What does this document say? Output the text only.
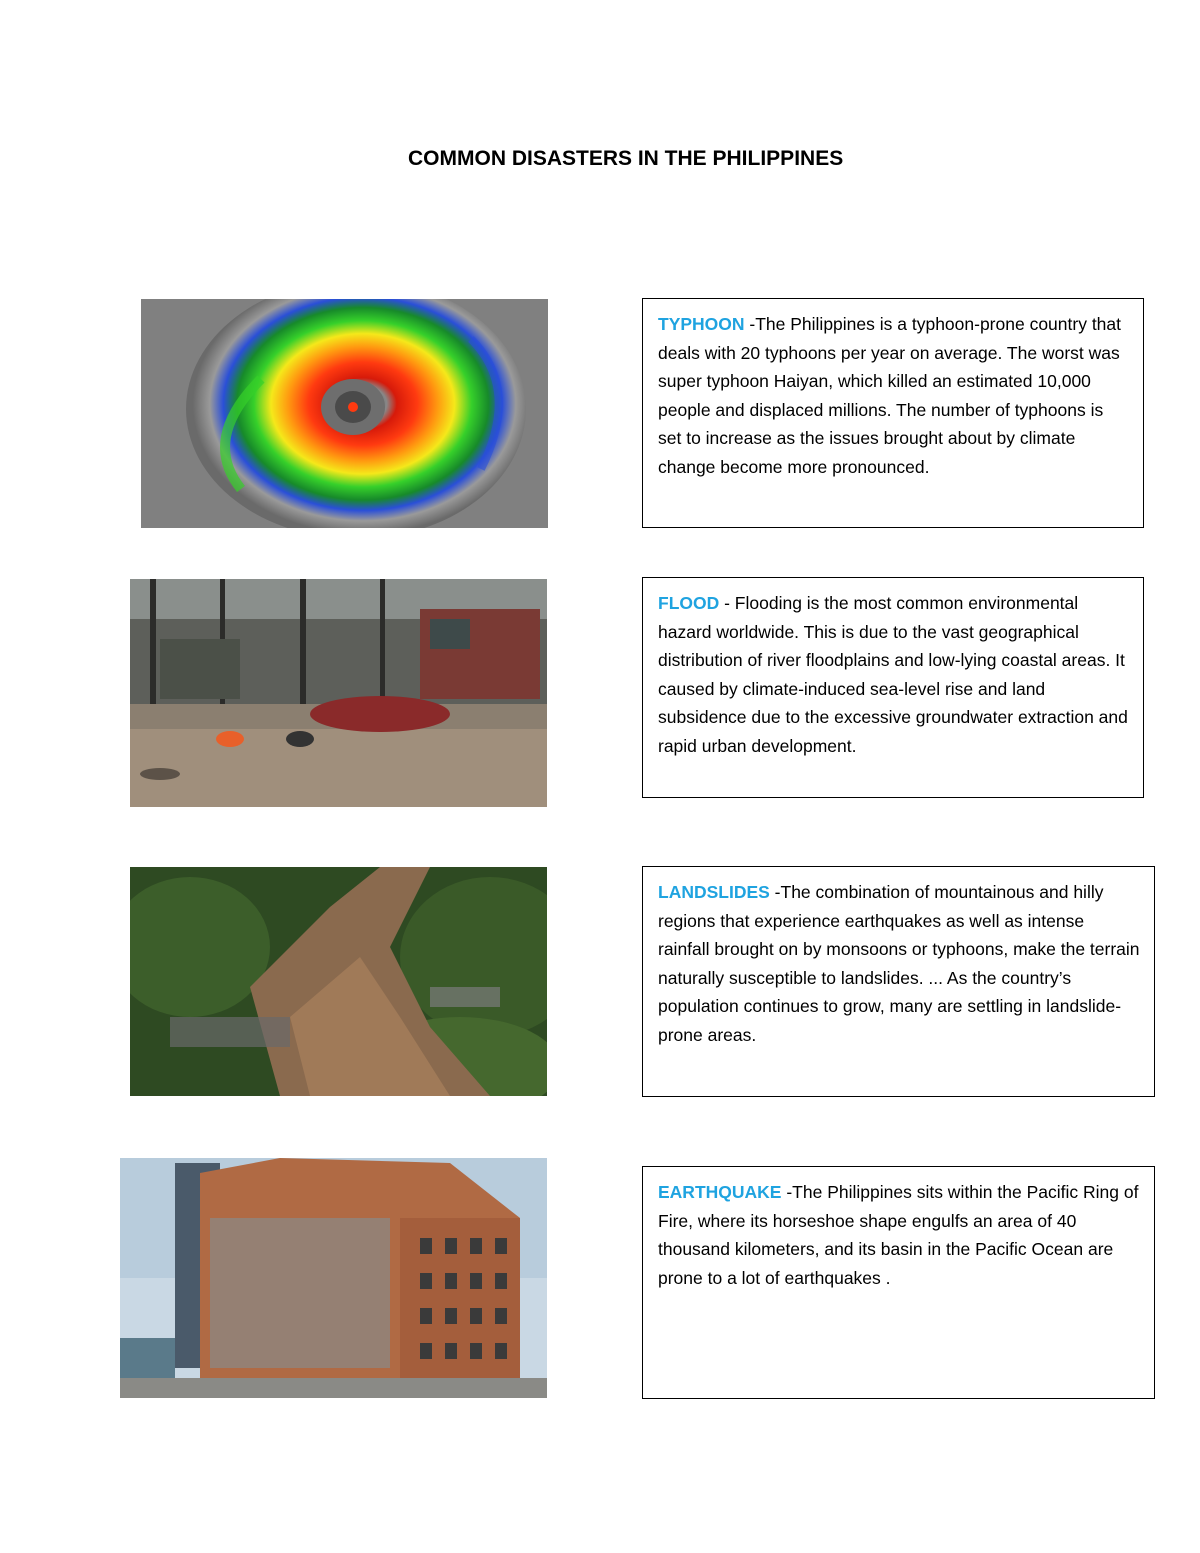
COMMON DISASTERS IN THE PHILIPPINES
TYPHOON -The Philippines is a typhoon-prone country that deals with 20 typhoons per year on average. The worst was super typhoon Haiyan, which killed an estimated 10,000 people and displaced millions. The number of typhoons is set to increase as the issues brought about by climate change become more pronounced.
FLOOD - Flooding is the most common environmental hazard worldwide. This is due to the vast geographical distribution of river floodplains and low-lying coastal areas. It caused by climate-induced sea-level rise and land subsidence due to the excessive groundwater extraction and rapid urban development.
LANDSLIDES -The combination of mountainous and hilly regions that experience earthquakes as well as intense rainfall brought on by monsoons or typhoons, make the terrain naturally susceptible to landslides. ... As the country’s population continues to grow, many are settling in landslide-prone areas.
EARTHQUAKE -The Philippines sits within the Pacific Ring of Fire, where its horseshoe shape engulfs an area of 40 thousand kilometers, and its basin in the Pacific Ocean are prone to a lot of earthquakes .
